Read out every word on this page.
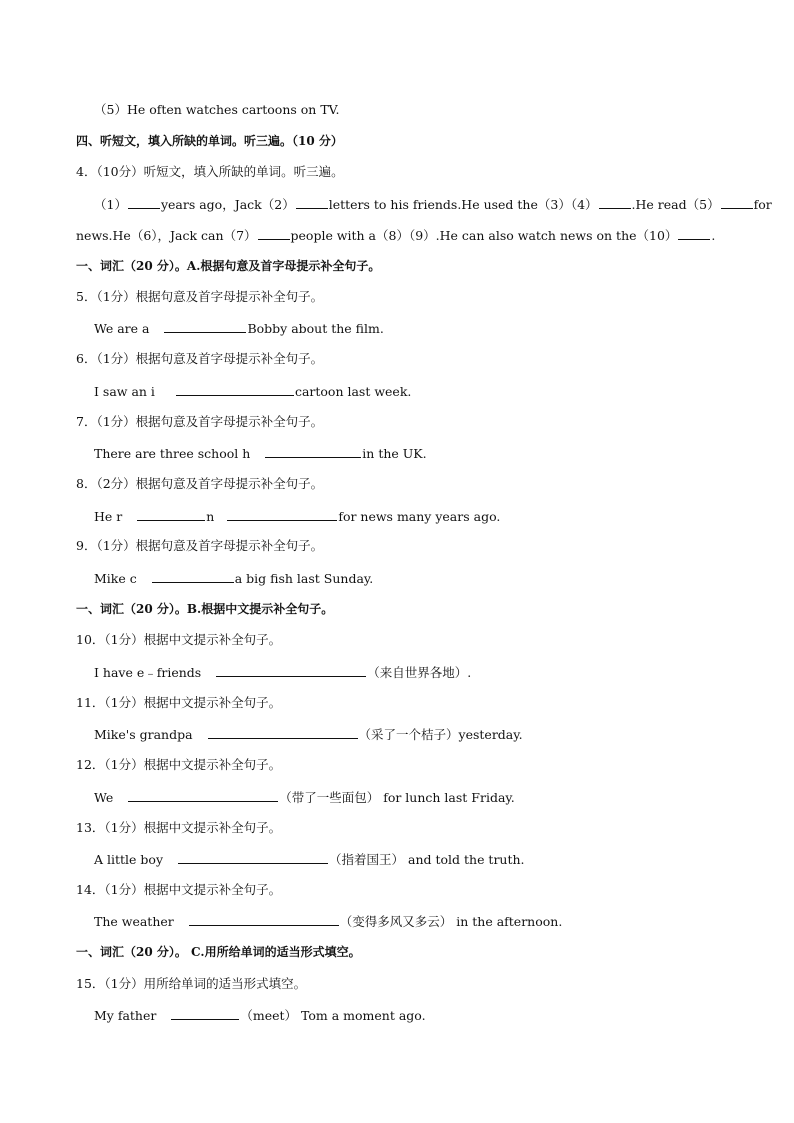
（5）He often watches cartoons on TV.
四、听短文，填入所缺的单词。听三遍。（10 分）
4．（10分）听短文，填入所缺的单词。听三遍。
（1）	years ago，Jack（2）	letters to his friends.He used the（3）（4）	.He read（5）	for
news.He（6），Jack can（7）	people with a（8）（9）.He can also watch news on the（10）	.
一、词汇（20 分）。A.根据句意及首字母提示补全句子。
5．（1分）根据句意及首字母提示补全句子。
We are a	Bobby about the film.
6．（1分）根据句意及首字母提示补全句子。
I saw an i	cartoon last week.
7．（1分）根据句意及首字母提示补全句子。
There are three school h	in the UK.
8．（2分）根据句意及首字母提示补全句子。
He r	n	for news many years ago.
9．（1分）根据句意及首字母提示补全句子。
Mike c	a big fish last Sunday.
一、词汇（20 分）。B.根据中文提示补全句子。
10．（1分）根据中文提示补全句子。
I have e﹣friends	（来自世界各地）.
11．（1分）根据中文提示补全句子。
Mike's grandpa	（采了一个桔子）yesterday.
12．（1分）根据中文提示补全句子。
We	（带了一些面包） for lunch last Friday.
13．（1分）根据中文提示补全句子。
A little boy	（指着国王） and told the truth.
14．（1分）根据中文提示补全句子。
The weather	（变得多风又多云） in the afternoon.
一、词汇（20 分）。 C.用所给单词的适当形式填空。
15．（1分）用所给单词的适当形式填空。
My father	（meet） Tom a moment ago.
